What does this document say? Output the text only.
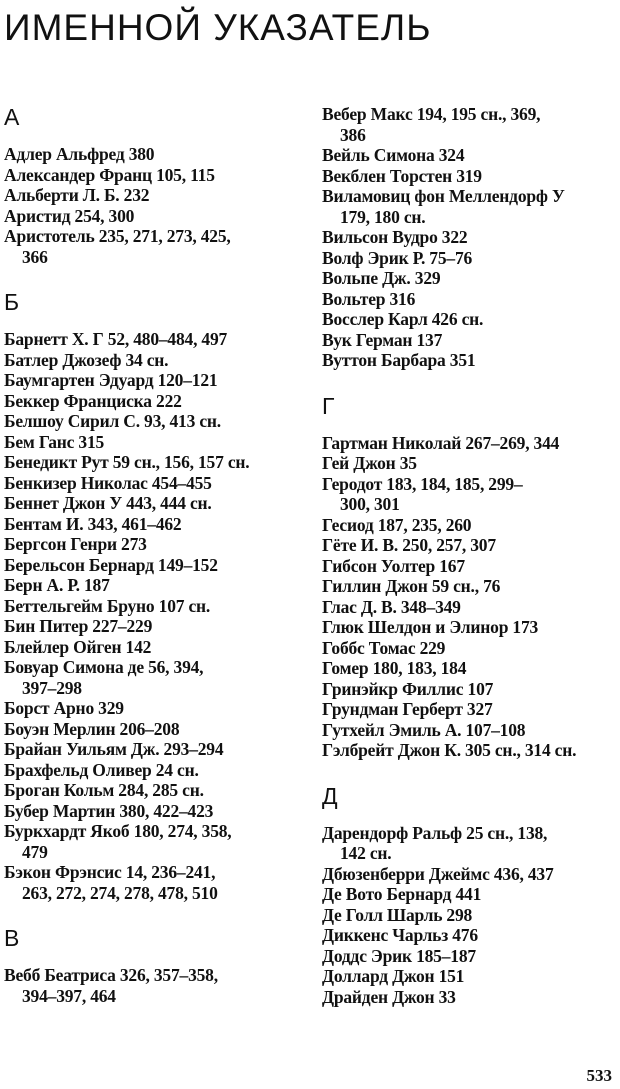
ИМЕННОЙ УКАЗАТЕЛЬ
А
Адлер Альфред 380
Александер Франц 105, 115
Альберти Л. Б. 232
Аристид 254, 300
Аристотель 235, 271, 273, 425,
366
Б
Барнетт Х. Г 52, 480–484, 497
Батлер Джозеф 34 сн.
Баумгартен Эдуард 120–121
Беккер Франциска 222
Белшоу Сирил С. 93, 413 сн.
Бем Ганс 315
Бенедикт Рут 59 сн., 156, 157 сн.
Бенкизер Николас 454–455
Беннет Джон У 443, 444 сн.
Бентам И. 343, 461–462
Бергсон Генри 273
Берельсон Бернард 149–152
Берн А. Р. 187
Беттельгейм Бруно 107 сн.
Бин Питер 227–229
Блейлер Ойген 142
Бовуар Симона де 56, 394,
397–298
Борст Арно 329
Боуэн Мерлин 206–208
Брайан Уильям Дж. 293–294
Брахфельд Оливер 24 сн.
Броган Кольм 284, 285 сн.
Бубер Мартин 380, 422–423
Буркхардт Якоб 180, 274, 358,
479
Бэкон Фрэнсис 14, 236–241,
263, 272, 274, 278, 478, 510
В
Вебб Беатриса 326, 357–358,
394–397, 464
Вебер Макс 194, 195 сн., 369,
386
Вейль Симона 324
Векблен Торстен 319
Виламовиц фон Меллендорф У
179, 180 сн.
Вильсон Вудро 322
Волф Эрик Р. 75–76
Вольпе Дж. 329
Вольтер 316
Восслер Карл 426 сн.
Вук Герман 137
Вуттон Барбара 351
Г
Гартман Николай 267–269, 344
Гей Джон 35
Геродот 183, 184, 185, 299–
300, 301
Гесиод 187, 235, 260
Гёте И. В. 250, 257, 307
Гибсон Уолтер 167
Гиллин Джон 59 сн., 76
Глас Д. В. 348–349
Глюк Шелдон и Элинор 173
Гоббс Томас 229
Гомер 180, 183, 184
Гринэйкр Филлис 107
Грундман Герберт 327
Гутхейл Эмиль А. 107–108
Гэлбрейт Джон К. 305 сн., 314 сн.
Д
Дарендорф Ральф 25 сн., 138,
142 сн.
Дбюзенберри Джеймс 436, 437
Де Вото Бернард 441
Де Голл Шарль 298
Диккенс Чарльз 476
Доддс Эрик 185–187
Доллард Джон 151
Драйден Джон 33
533
